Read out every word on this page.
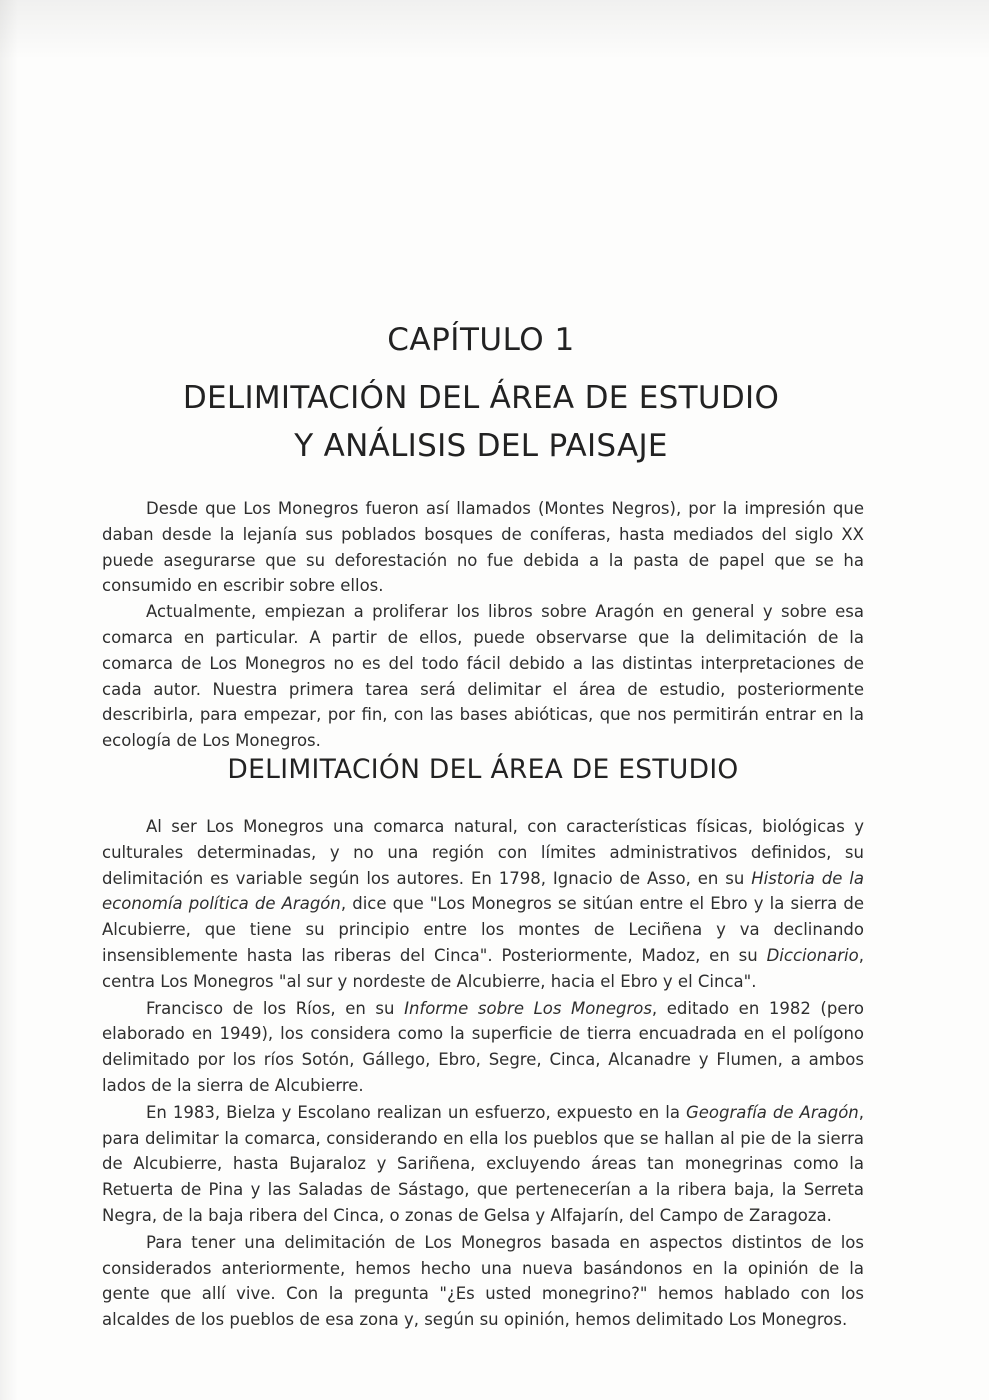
CAPÍTULO 1
DELIMITACIÓN DEL ÁREA DE ESTUDIO
Y ANÁLISIS DEL PAISAJE

Desde que Los Monegros fueron así llamados (Montes Negros), por la impresión que daban desde la lejanía sus poblados bosques de coníferas, hasta mediados del siglo XX puede asegurarse que su deforestación no fue debida a la pasta de papel que se ha consumido en escribir sobre ellos.

Actualmente, empiezan a proliferar los libros sobre Aragón en general y sobre esa comarca en particular. A partir de ellos, puede observarse que la delimitación de la comarca de Los Monegros no es del todo fácil debido a las distintas interpretaciones de cada autor. Nuestra primera tarea será delimitar el área de estudio, posteriormente describirla, para empezar, por fin, con las bases abióticas, que nos permitirán entrar en la ecología de Los Monegros.

DELIMITACIÓN DEL ÁREA DE ESTUDIO

Al ser Los Monegros una comarca natural, con características físicas, biológicas y culturales determinadas, y no una región con límites administrativos definidos, su delimitación es variable según los autores. En 1798, Ignacio de Asso, en su Historia de la economía política de Aragón, dice que "Los Monegros se sitúan entre el Ebro y la sierra de Alcubierre, que tiene su principio entre los montes de Leciñena y va declinando insensiblemente hasta las riberas del Cinca". Posteriormente, Madoz, en su Diccionario, centra Los Monegros "al sur y nordeste de Alcubierre, hacia el Ebro y el Cinca".

Francisco de los Ríos, en su Informe sobre Los Monegros, editado en 1982 (pero elaborado en 1949), los considera como la superficie de tierra encuadrada en el polígono delimitado por los ríos Sotón, Gállego, Ebro, Segre, Cinca, Alcanadre y Flumen, a ambos lados de la sierra de Alcubierre.

En 1983, Bielza y Escolano realizan un esfuerzo, expuesto en la Geografía de Aragón, para delimitar la comarca, considerando en ella los pueblos que se hallan al pie de la sierra de Alcubierre, hasta Bujaraloz y Sariñena, excluyendo áreas tan monegrinas como la Retuerta de Pina y las Saladas de Sástago, que pertenecerían a la ribera baja, la Serreta Negra, de la baja ribera del Cinca, o zonas de Gelsa y Alfajarín, del Campo de Zaragoza.

Para tener una delimitación de Los Monegros basada en aspectos distintos de los considerados anteriormente, hemos hecho una nueva basándonos en la opinión de la gente que allí vive. Con la pregunta "¿Es usted monegrino?" hemos hablado con los alcaldes de los pueblos de esa zona y, según su opinión, hemos delimitado Los Monegros.
